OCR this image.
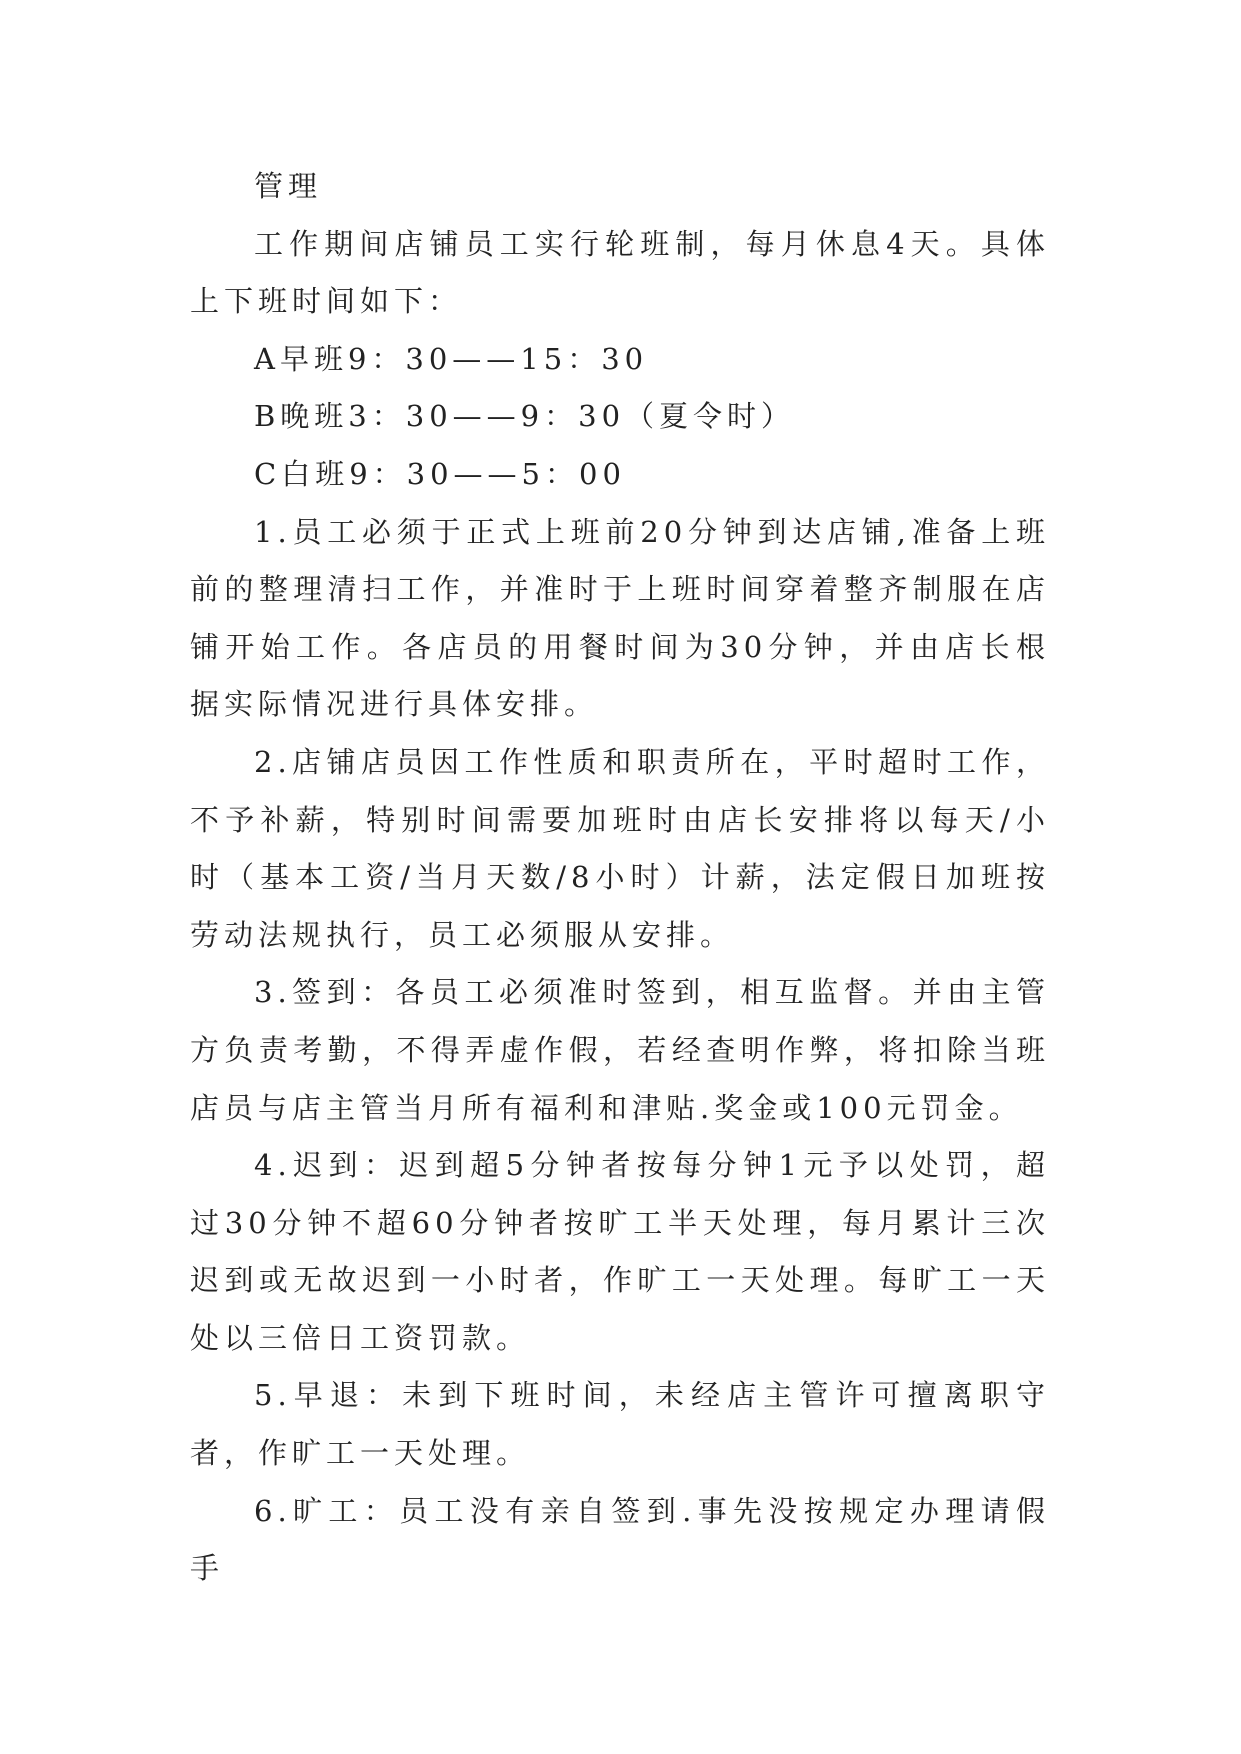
管理

工作期间店铺员工实行轮班制，每月休息4天。具体上下班时间如下：

A早班9：30——15：30

B晚班3：30——9：30（夏令时）

C白班9：30——5：00

1.员工必须于正式上班前20分钟到达店铺,准备上班前的整理清扫工作，并准时于上班时间穿着整齐制服在店铺开始工作。各店员的用餐时间为30分钟，并由店长根据实际情况进行具体安排。

2.店铺店员因工作性质和职责所在，平时超时工作，不予补薪，特别时间需要加班时由店长安排将以每天/小时（基本工资/当月天数/8小时）计薪，法定假日加班按劳动法规执行，员工必须服从安排。

3.签到：各员工必须准时签到，相互监督。并由主管方负责考勤，不得弄虚作假，若经查明作弊，将扣除当班店员与店主管当月所有福利和津贴.奖金或100元罚金。

4.迟到：迟到超5分钟者按每分钟1元予以处罚，超过30分钟不超60分钟者按旷工半天处理，每月累计三次迟到或无故迟到一小时者，作旷工一天处理。每旷工一天处以三倍日工资罚款。

5.早退：未到下班时间，未经店主管许可擅离职守者，作旷工一天处理。

6.旷工：员工没有亲自签到.事先没按规定办理请假手
